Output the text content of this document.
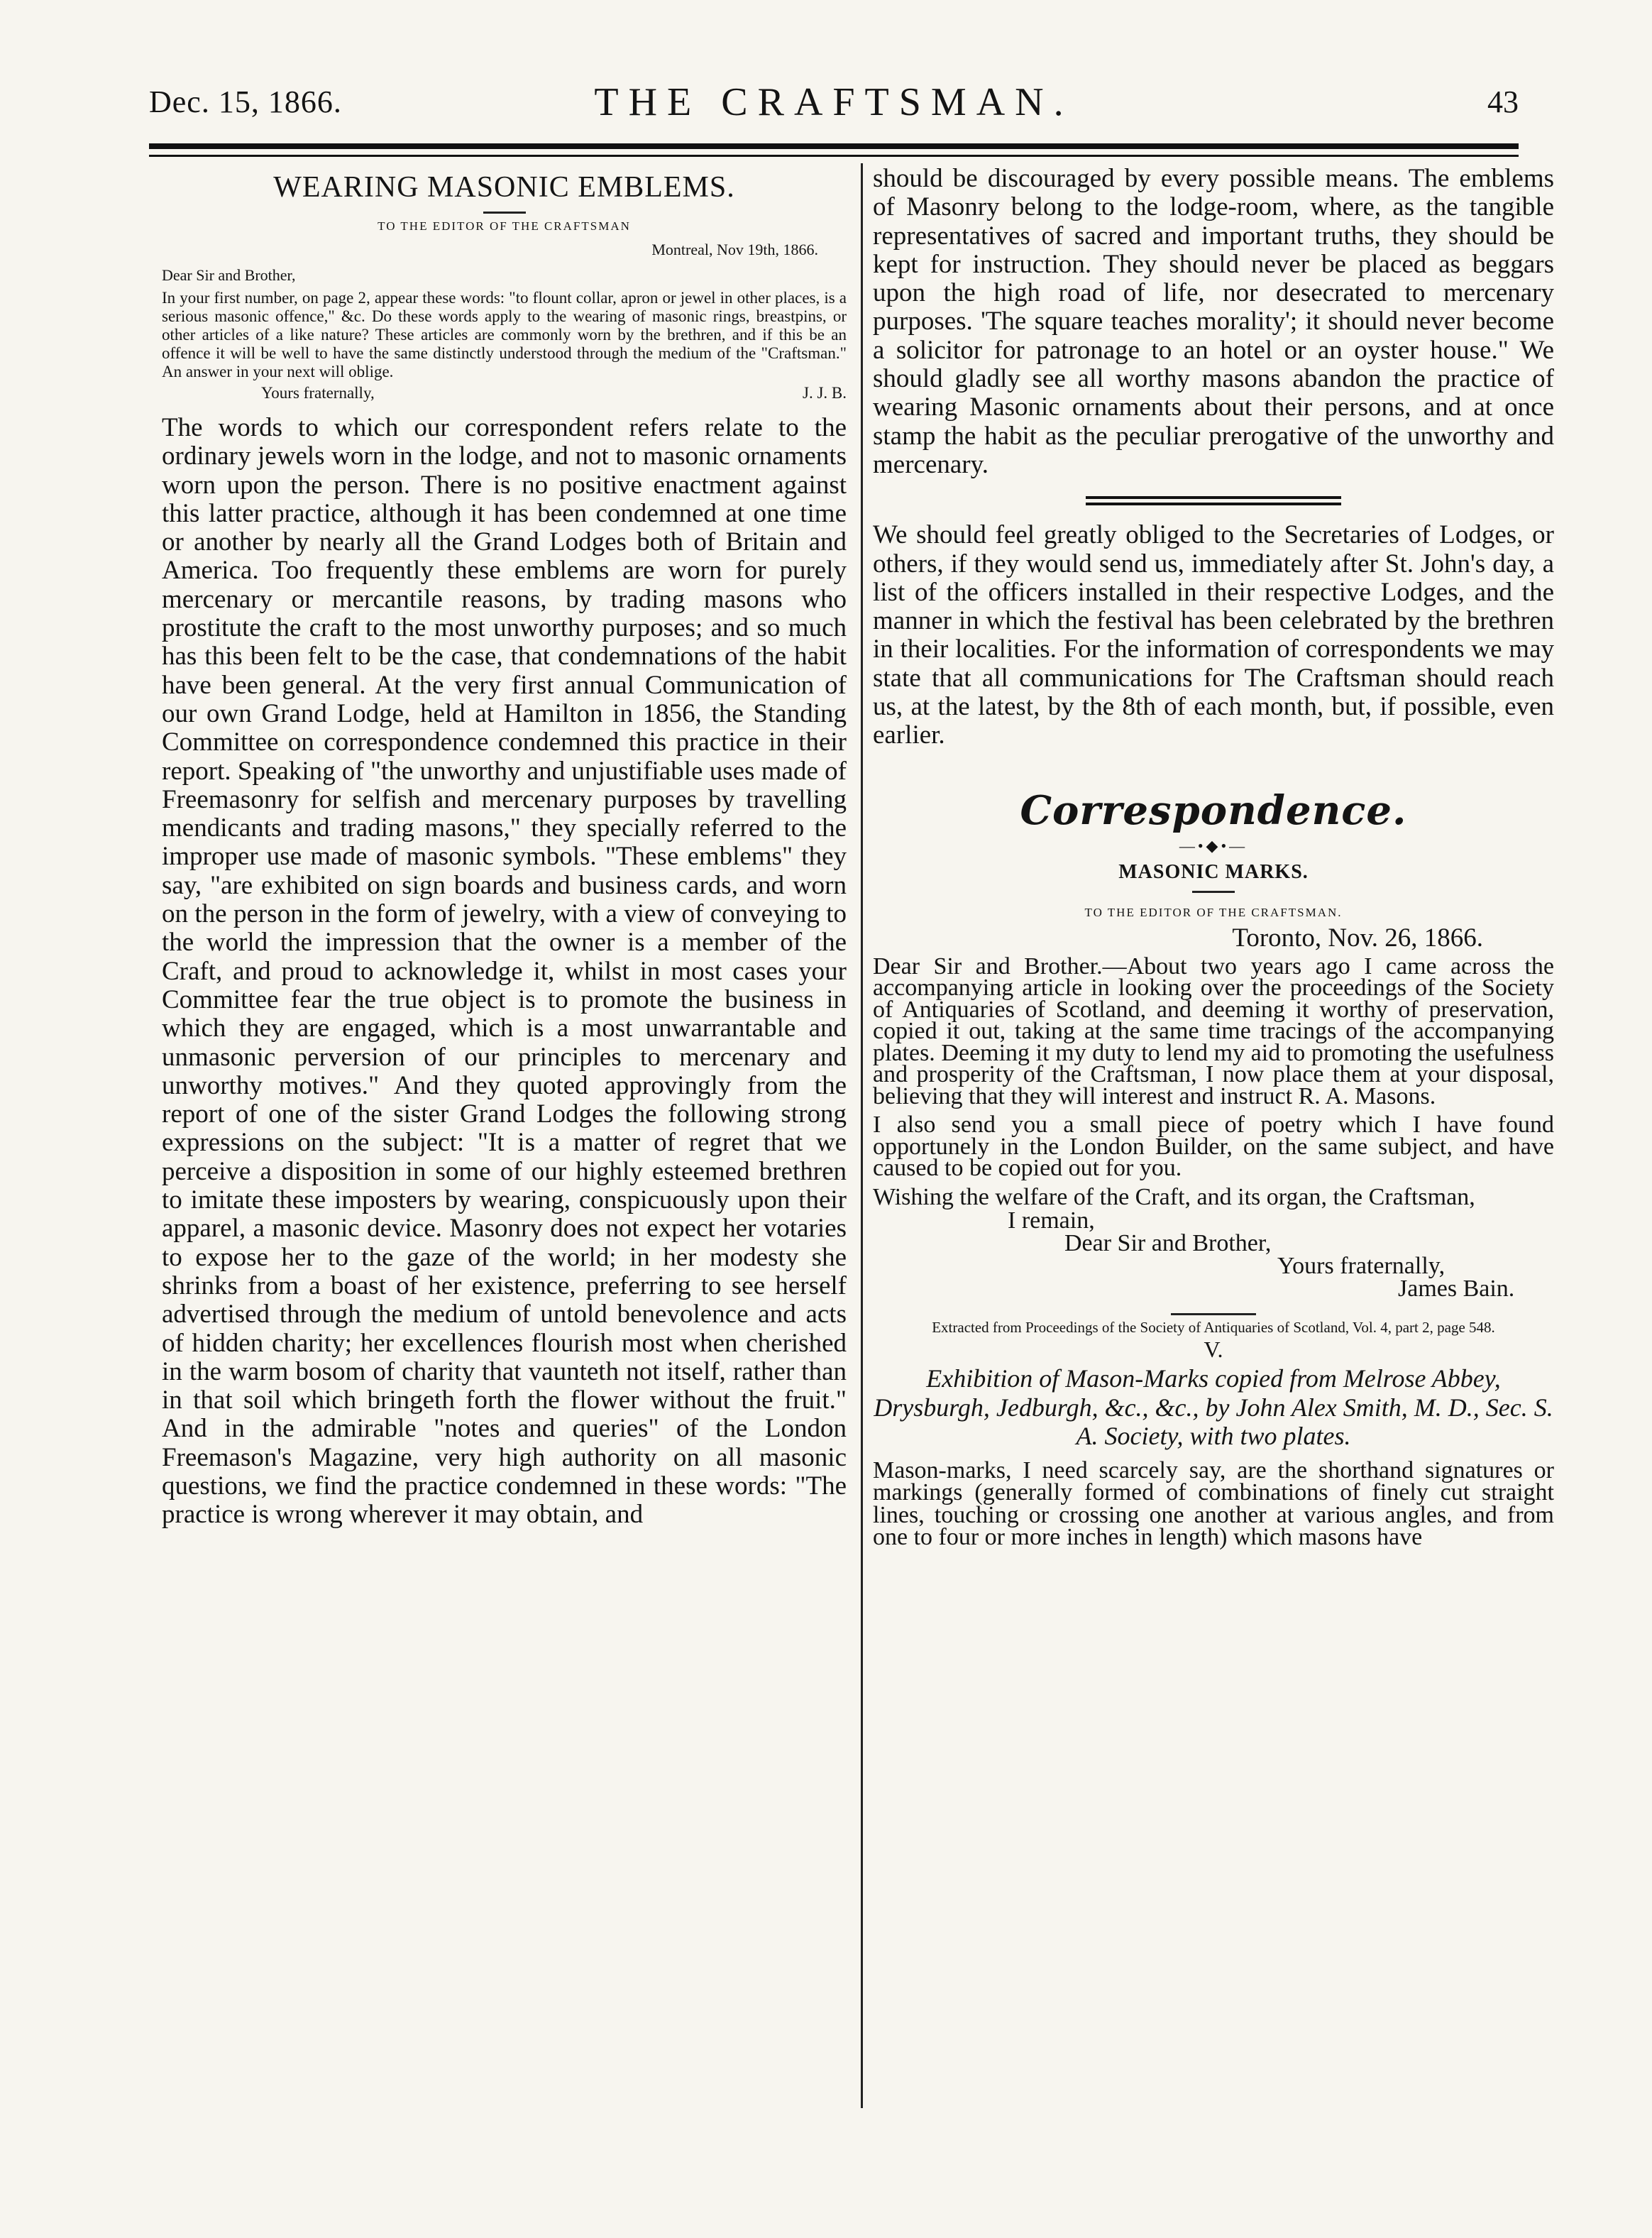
Dec. 15, 1866.	THE CRAFTSMAN.	43
WEARING MASONIC EMBLEMS.
TO THE EDITOR OF THE CRAFTSMAN
Montreal, Nov 19th, 1866.
Dear Sir and Brother,

In your first number, on page 2, appear these words: "to flount collar, apron or jewel in other places, is a serious masonic offence," &c. Do these words apply to the wearing of masonic rings, breastpins, or other articles of a like nature? These articles are commonly worn by the brethren, and if this be an offence it will be well to have the same distinctly understood through the medium of the "Craftsman." An answer in your next will oblige.

Yours fraternally,	J. J. B.

The words to which our correspondent refers relate to the ordinary jewels worn in the lodge, and not to masonic ornaments worn upon the person. There is no positive enactment against this latter practice, although it has been condemned at one time or another by nearly all the Grand Lodges both of Britain and America. Too frequently these emblems are worn for purely mercenary or mercantile reasons, by trading masons who prostitute the craft to the most unworthy purposes; and so much has this been felt to be the case, that condemnations of the habit have been general. At the very first annual Communication of our own Grand Lodge, held at Hamilton in 1856, the Standing Committee on correspondence condemned this practice in their report. Speaking of "the unworthy and unjustifiable uses made of Freemasonry for selfish and mercenary purposes by travelling mendicants and trading masons," they specially referred to the improper use made of masonic symbols. "These emblems" they say, "are exhibited on sign boards and business cards, and worn on the person in the form of jewelry, with a view of conveying to the world the impression that the owner is a member of the Craft, and proud to acknowledge it, whilst in most cases your Committee fear the true object is to promote the business in which they are engaged, which is a most unwarrantable and unmasonic perversion of our principles to mercenary and unworthy motives." And they quoted approvingly from the report of one of the sister Grand Lodges the following strong expressions on the subject: "It is a matter of regret that we perceive a disposition in some of our highly esteemed brethren to imitate these imposters by wearing, conspicuously upon their apparel, a masonic device. Masonry does not expect her votaries to expose her to the gaze of the world; in her modesty she shrinks from a boast of her existence, preferring to see herself advertised through the medium of untold benevolence and acts of hidden charity; her excellences flourish most when cherished in the warm bosom of charity that vaunteth not itself, rather than in that soil which bringeth forth the flower without the fruit." And in the admirable "notes and queries" of the London Freemason's Magazine, very high authority on all masonic questions, we find the practice condemned in these words: "The practice is wrong wherever it may obtain, and

should be discouraged by every possible means. The emblems of Masonry belong to the lodge-room, where, as the tangible representatives of sacred and important truths, they should be kept for instruction. They should never be placed as beggars upon the high road of life, nor desecrated to mercenary purposes. 'The square teaches morality'; it should never become a solicitor for patronage to an hotel or an oyster house." We should gladly see all worthy masons abandon the practice of wearing Masonic ornaments about their persons, and at once stamp the habit as the peculiar prerogative of the unworthy and mercenary.

We should feel greatly obliged to the Secretaries of Lodges, or others, if they would send us, immediately after St. John's day, a list of the officers installed in their respective Lodges, and the manner in which the festival has been celebrated by the brethren in their localities. For the information of correspondents we may state that all communications for The Craftsman should reach us, at the latest, by the 8th of each month, but, if possible, even earlier.

Correspondence.
—•◆•—
MASONIC MARKS.
TO THE EDITOR OF THE CRAFTSMAN.
Toronto, Nov. 26, 1866.

Dear Sir and Brother.—About two years ago I came across the accompanying article in looking over the proceedings of the Society of Antiquaries of Scotland, and deeming it worthy of preservation, copied it out, taking at the same time tracings of the accompanying plates. Deeming it my duty to lend my aid to promoting the usefulness and prosperity of the Craftsman, I now place them at your disposal, believing that they will interest and instruct R. A. Masons.

I also send you a small piece of poetry which I have found opportunely in the London Builder, on the same subject, and have caused to be copied out for you.

Wishing the welfare of the Craft, and its organ, the Craftsman,

I remain,

Dear Sir and Brother,

Yours fraternally,

James Bain.

Extracted from Proceedings of the Society of Antiquaries of Scotland, Vol. 4, part 2, page 548.

V.

Exhibition of Mason-Marks copied from Melrose Abbey, Drysburgh, Jedburgh, &c., &c., by John Alex Smith, M. D., Sec. S. A. Society, with two plates.

Mason-marks, I need scarcely say, are the shorthand signatures or markings (generally formed of combinations of finely cut straight lines, touching or crossing one another at various angles, and from one to four or more inches in length) which masons have
